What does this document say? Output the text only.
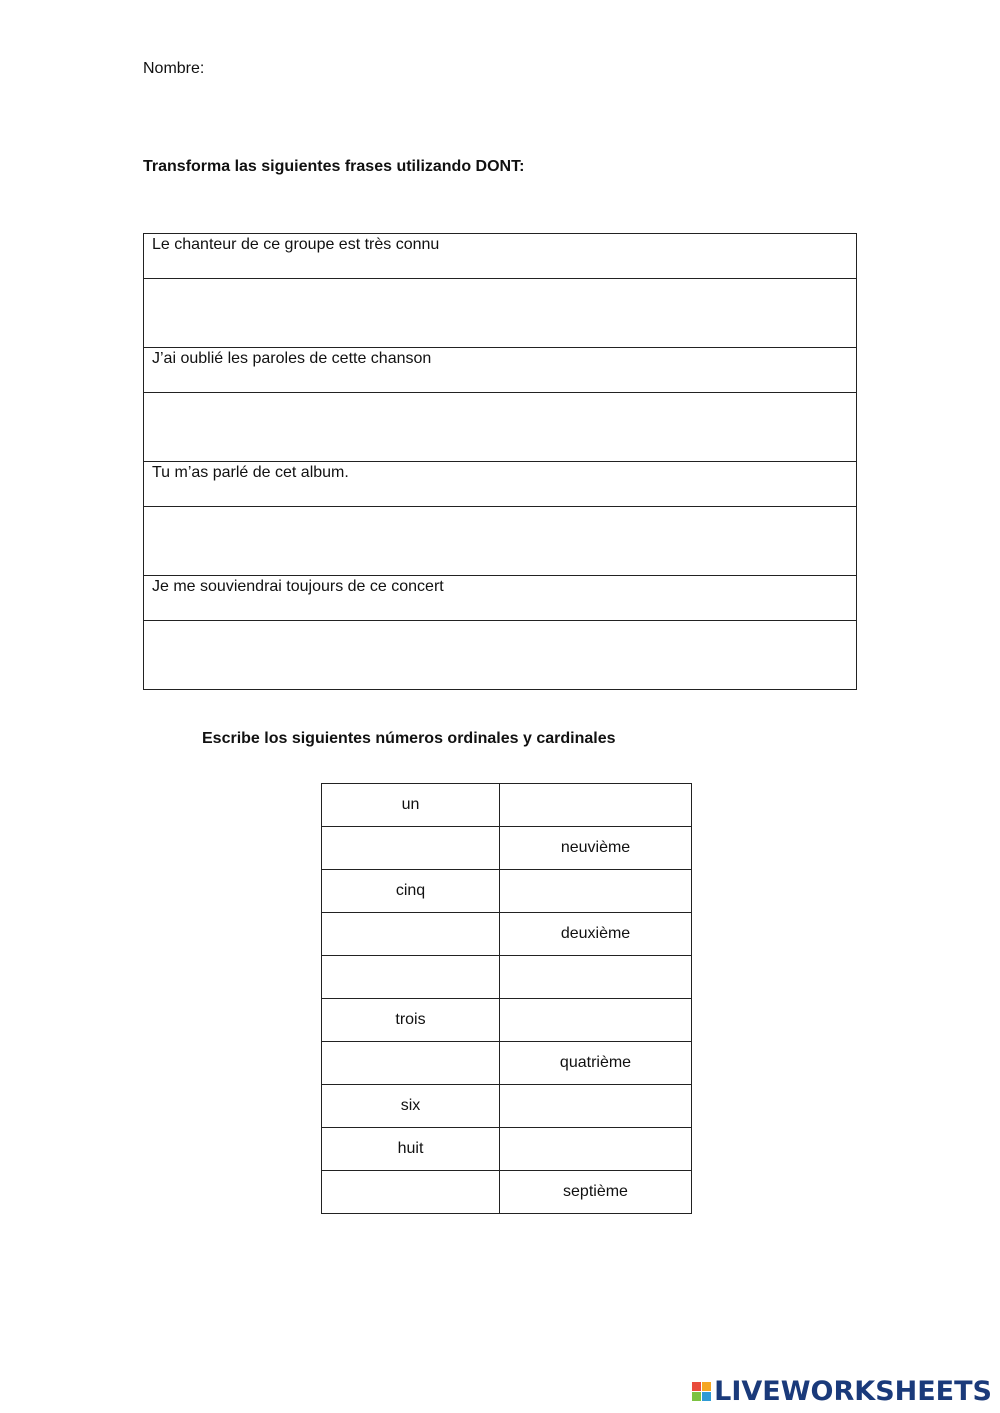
Nombre:
Transforma las siguientes frases utilizando DONT:
Le chanteur de ce groupe est très connu

J’ai oublié les paroles de cette chanson

Tu m’as parlé de cet album.

Je me souviendrai toujours de ce concert

Escribe los siguientes números ordinales y cardinales
un	
	neuvième
cinq	
	deuxième

trois	
	quatrième
six	
huit	
	septième
LIVEWORKSHEETS
